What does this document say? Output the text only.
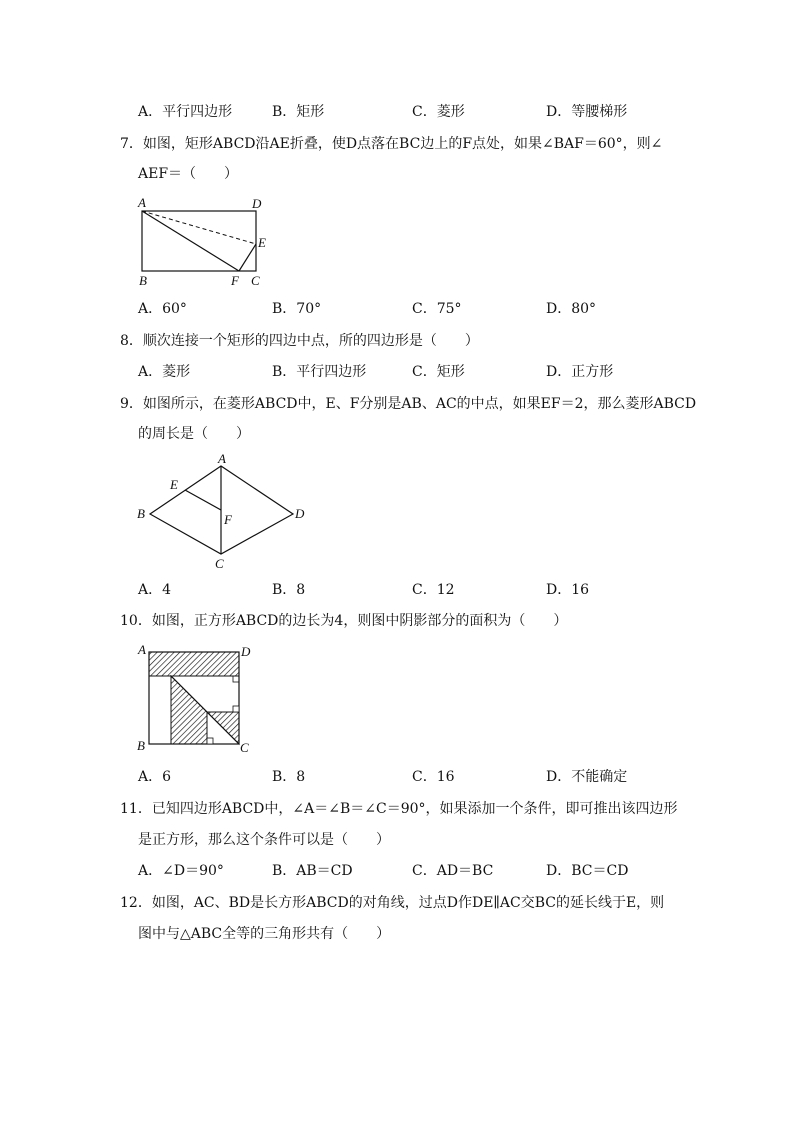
A．平行四边形	B．矩形	C．菱形	D．等腰梯形
7．如图，矩形ABCD沿AE折叠，使D点落在BC边上的F点处，如果∠BAF＝60°，则∠
AEF＝（　　）
A	D
E
B	F C
A．60°	B．70°	C．75°	D．80°
8．顺次连接一个矩形的四边中点，所的四边形是（　　）
A．菱形	B．平行四边形	C．矩形	D．正方形
9．如图所示，在菱形ABCD中，E、F分别是AB、AC的中点，如果EF＝2，那么菱形ABCD
的周长是（　　）
A
E
B	F	D
C
A．4	B．8	C．12	D．16
10．如图，正方形ABCD的边长为4，则图中阴影部分的面积为（　　）
A	D
B	C
A．6	B．8	C．16	D．不能确定
11．已知四边形ABCD中，∠A＝∠B＝∠C＝90°，如果添加一个条件，即可推出该四边形
是正方形，那么这个条件可以是（　　）
A．∠D＝90°	B．AB＝CD	C．AD＝BC	D．BC＝CD
12．如图，AC、BD是长方形ABCD的对角线，过点D作DE∥AC交BC的延长线于E，则
图中与△ABC全等的三角形共有（　　）
